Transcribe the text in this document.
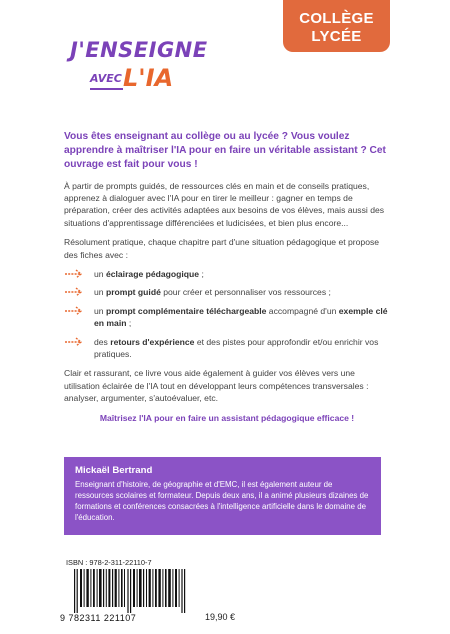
J'ENSEIGNE
AVEC L'IA
COLLÈGE
LYCÉE

Vous êtes enseignant au collège ou au lycée ? Vous voulez apprendre à maîtriser l'IA pour en faire un véritable assistant ? Cet ouvrage est fait pour vous !

À partir de prompts guidés, de ressources clés en main et de conseils pratiques, apprenez à dialoguer avec l'IA pour en tirer le meilleur : gagner en temps de préparation, créer des activités adaptées aux besoins de vos élèves, mais aussi des situations d'apprentissage différenciées et ludicisées, et bien plus encore...

Résolument pratique, chaque chapitre part d'une situation pédagogique et propose des fiches avec :

un éclairage pédagogique ;
un prompt guidé pour créer et personnaliser vos ressources ;
un prompt complémentaire téléchargeable accompagné d'un exemple clé en main ;
des retours d'expérience et des pistes pour approfondir et/ou enrichir vos pratiques.

Clair et rassurant, ce livre vous aide également à guider vos élèves vers une utilisation éclairée de l'IA tout en développant leurs compétences transversales : analyser, argumenter, s'autoévaluer, etc.

Maîtrisez l'IA pour en faire un assistant pédagogique efficace !

Mickaël Bertrand
Enseignant d'histoire, de géographie et d'EMC, il est également auteur de ressources scolaires et formateur. Depuis deux ans, il a animé plusieurs dizaines de formations et conférences consacrées à l'intelligence artificielle dans le domaine de l'éducation.
ISBN : 978-2-311-22110-7
9 782311 221107	19,90 €
